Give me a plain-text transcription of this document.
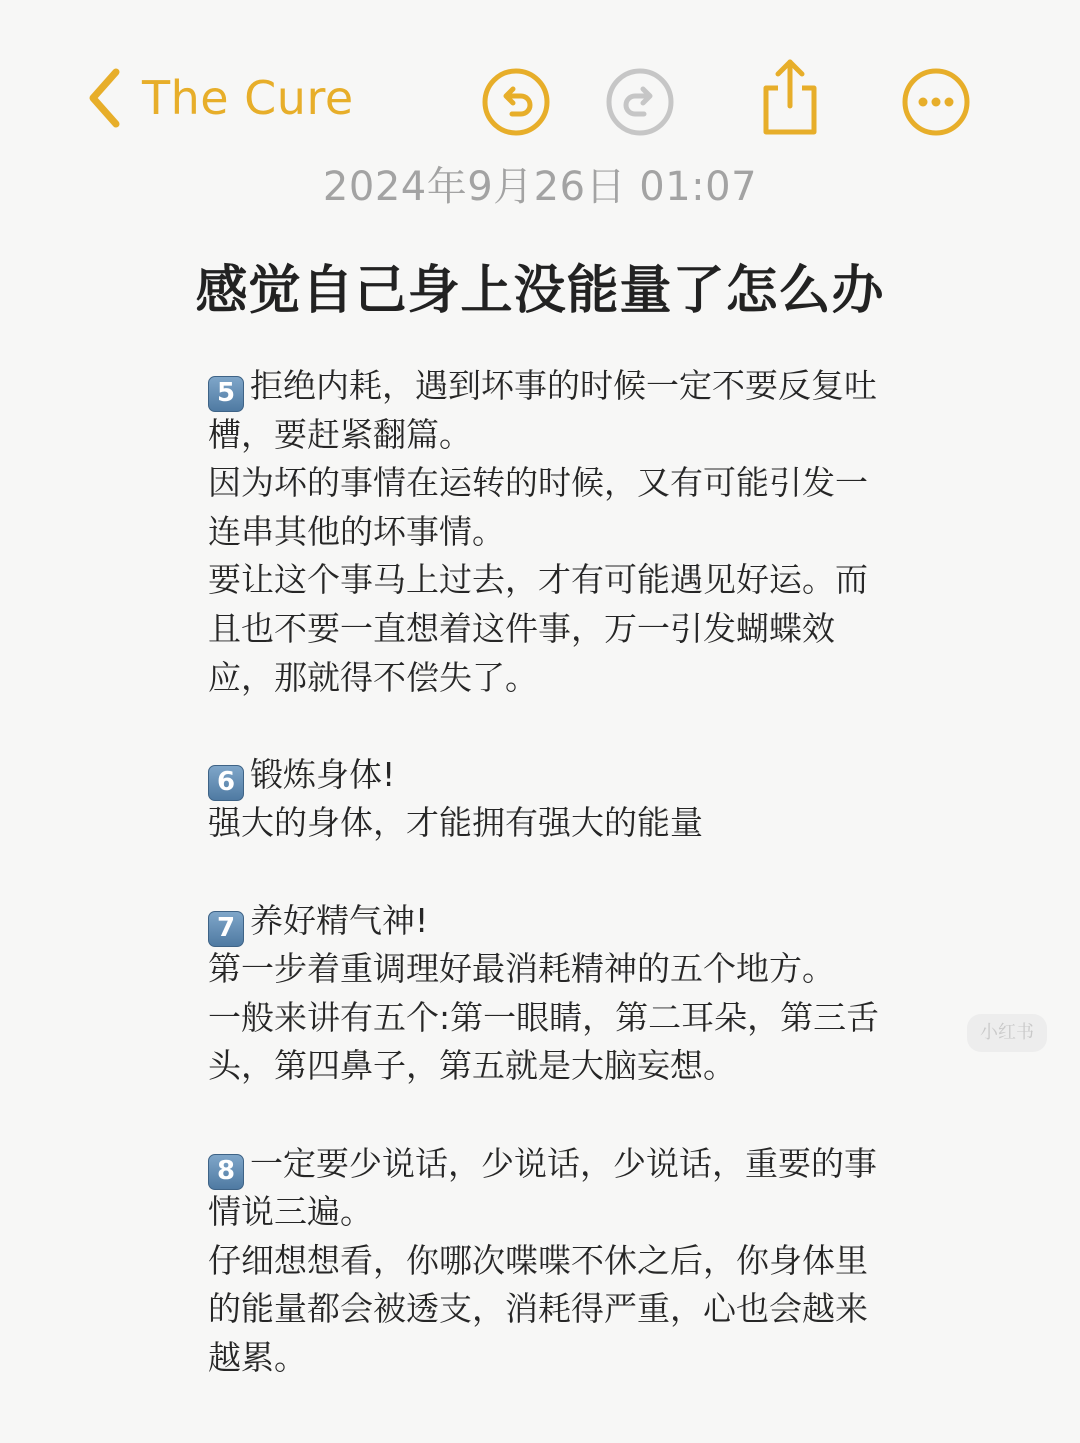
The Cure
2024年9月26日 01:07
感觉自己身上没能量了怎么办
5 拒绝内耗，遇到坏事的时候一定不要反复吐
槽，要赶紧翻篇。
因为坏的事情在运转的时候，又有可能引发一
连串其他的坏事情。
要让这个事马上过去，才有可能遇见好运。而
且也不要一直想着这件事，万一引发蝴蝶效
应，那就得不偿失了。
6 锻炼身体!
强大的身体，才能拥有强大的能量
7 养好精气神!
第一步着重调理好最消耗精神的五个地方。
一般来讲有五个:第一眼睛，第二耳朵，第三舌
头，第四鼻子，第五就是大脑妄想。
8 一定要少说话，少说话，少说话，重要的事
情说三遍。
仔细想想看，你哪次喋喋不休之后，你身体里
的能量都会被透支，消耗得严重，心也会越来
越累。
小红书
